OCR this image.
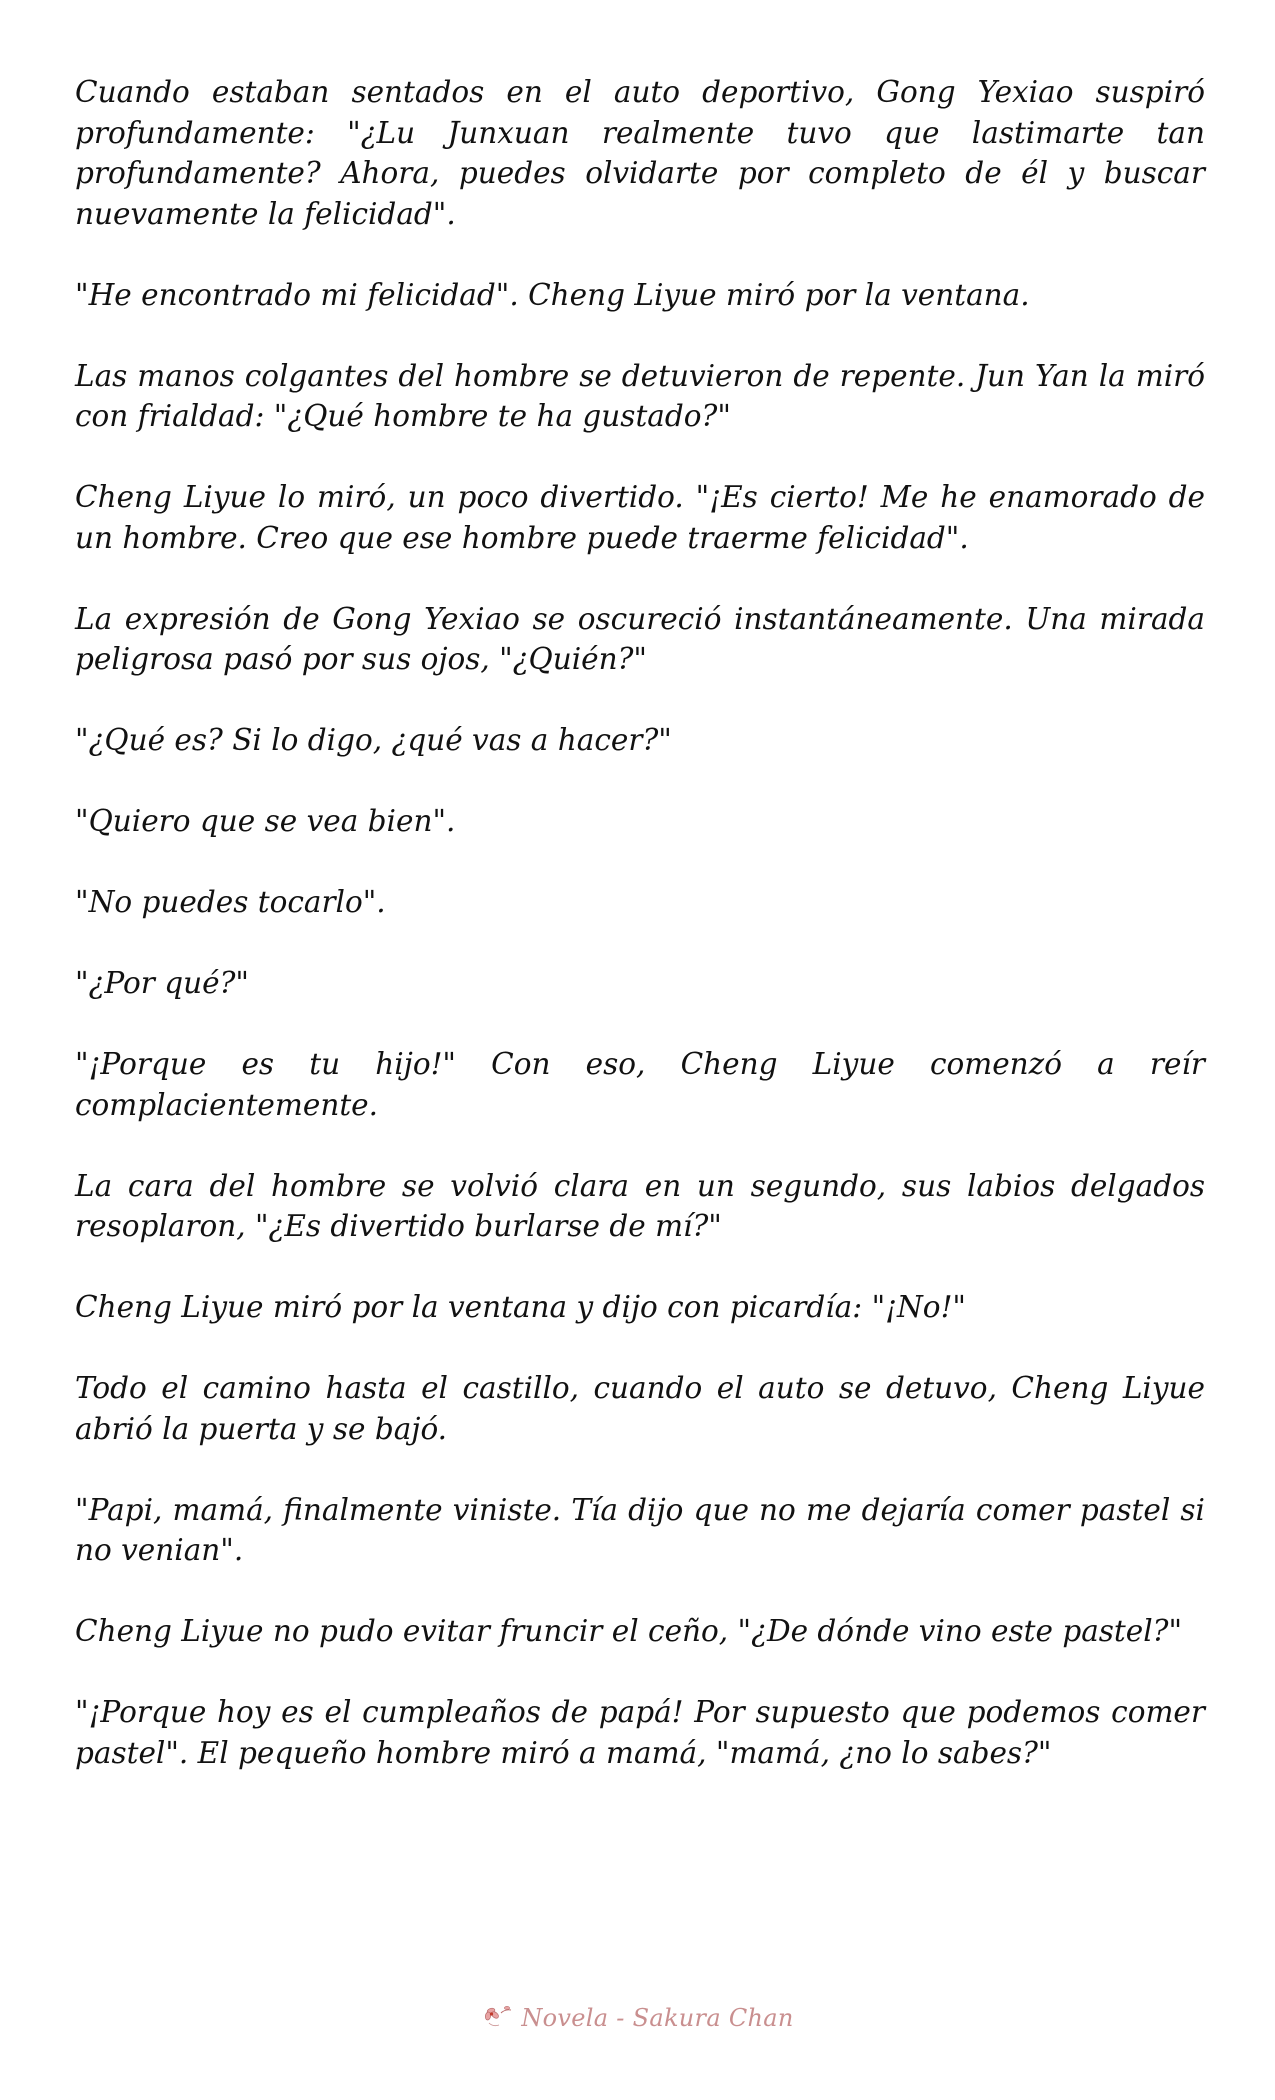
Cuando estaban sentados en el auto deportivo, Gong Yexiao suspiró profundamente: "¿Lu Junxuan realmente tuvo que lastimarte tan profundamente? Ahora, puedes olvidarte por completo de él y buscar nuevamente la felicidad".

"He encontrado mi felicidad". Cheng Liyue miró por la ventana.

Las manos colgantes del hombre se detuvieron de repente. Jun Yan la miró con frialdad: "¿Qué hombre te ha gustado?"

Cheng Liyue lo miró, un poco divertido. "¡Es cierto! Me he enamorado de un hombre. Creo que ese hombre puede traerme felicidad".

La expresión de Gong Yexiao se oscureció instantáneamente. Una mirada peligrosa pasó por sus ojos, "¿Quién?"

"¿Qué es? Si lo digo, ¿qué vas a hacer?"

"Quiero que se vea bien".

"No puedes tocarlo".

"¿Por qué?"

"¡Porque es tu hijo!" Con eso, Cheng Liyue comenzó a reír complacientemente.

La cara del hombre se volvió clara en un segundo, sus labios delgados resoplaron, "¿Es divertido burlarse de mí?"

Cheng Liyue miró por la ventana y dijo con picardía: "¡No!"

Todo el camino hasta el castillo, cuando el auto se detuvo, Cheng Liyue abrió la puerta y se bajó.

"Papi, mamá, finalmente viniste. Tía dijo que no me dejaría comer pastel si no venian".

Cheng Liyue no pudo evitar fruncir el ceño, "¿De dónde vino este pastel?"

"¡Porque hoy es el cumpleaños de papá! Por supuesto que podemos comer pastel". El pequeño hombre miró a mamá, "mamá, ¿no lo sabes?"

Novela - Sakura Chan
